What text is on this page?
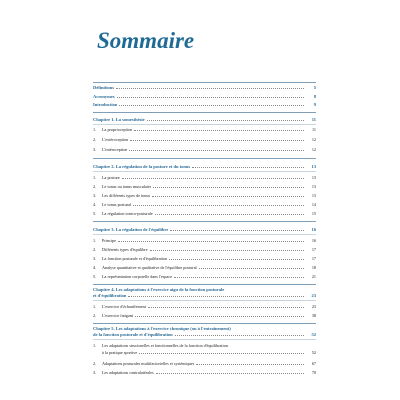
Sommaire
Définitions	5
Acronymes	8
Introduction	9
Chapitre 1. La somesthésie	11
1.	La proprioception	11
2.	L'extéroception	12
3.	L'intéroception	12
Chapitre 2. La régulation de la posture et du tonus	13
1.	La posture	13
2.	Le tonus ou tonus musculaire	13
3.	Les différents types de tonus	13
4.	Le tonus postural	14
5.	La régulation tonico-posturale	15
Chapitre 3. La régulation de l'équilibre	16
1.	Principe	16
2.	Différents types d'équilibre	17
3.	La fonction posturale et d'équilibration	17
4.	Analyse quantitative et qualitative de l'équilibre postural	18
5.	La représentation corporelle dans l'espace	21
Chapitre 4. Les adaptations à l'exercice aigu de la fonction posturale
et d'équilibration	23
1.	L'exercice d'échauffement	23
2.	L'exercice fatigant	38
Chapitre 5. Les adaptations à l'exercice chronique (ou à l'entraînement)
de la fonction posturale et d'équilibration	52
1.	Les adaptations structurelles et fonctionnelles de la fonction d'équilibration
à la pratique sportive	52
2.	Adaptations posturales multifactorielles et systémiques	67
3.	Les adaptations contralatérales	70
